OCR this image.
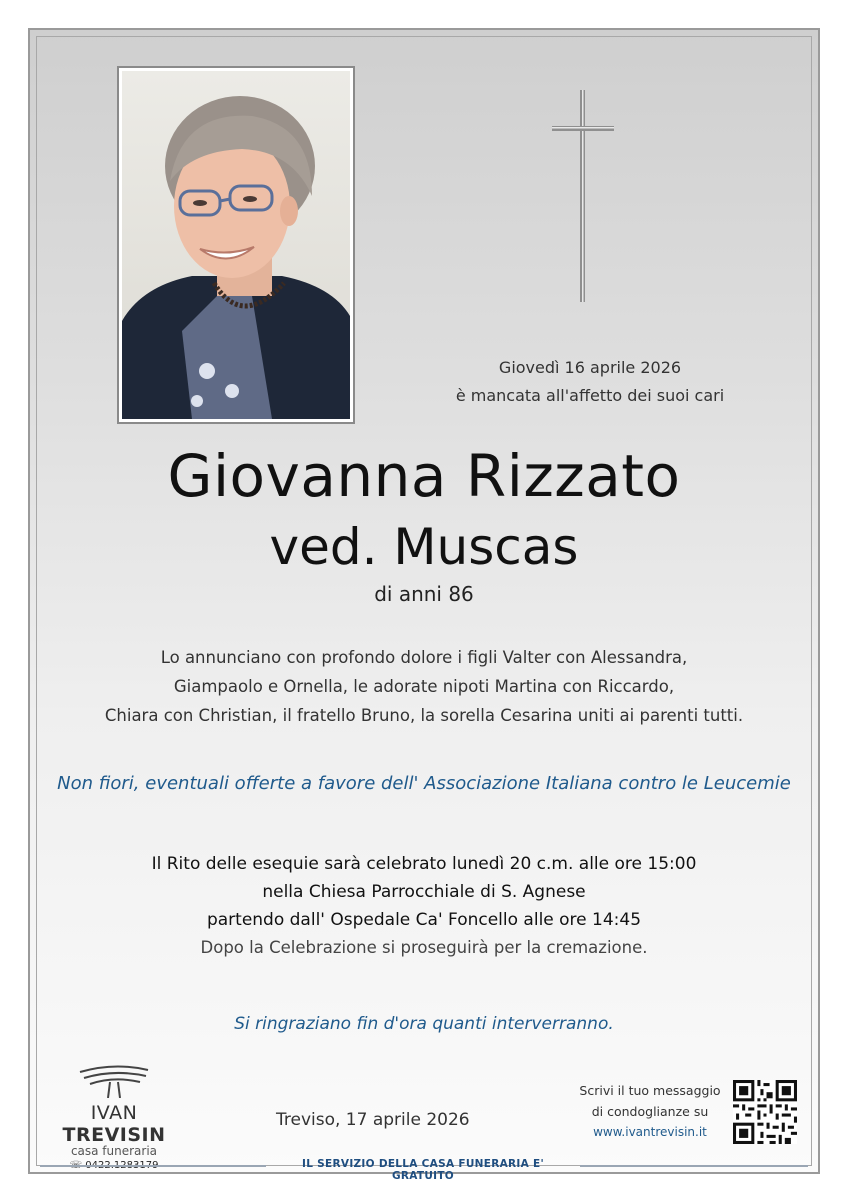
Giovedì 16 aprile 2026
è mancata all'affetto dei suoi cari
Giovanna Rizzato
ved. Muscas
di anni 86
Lo annunciano con profondo dolore i figli Valter con Alessandra,
Giampaolo e Ornella, le adorate nipoti Martina con Riccardo,
Chiara con Christian, il fratello Bruno, la sorella Cesarina uniti ai parenti tutti.
Non fiori, eventuali offerte a favore dell' Associazione Italiana contro le Leucemie
Il Rito delle esequie sarà celebrato lunedì 20 c.m. alle ore 15:00
nella Chiesa Parrocchiale di S. Agnese
partendo dall' Ospedale Ca' Foncello alle ore 14:45
Dopo la Celebrazione si proseguirà per la cremazione.
Si ringraziano fin d'ora quanti interverranno.
IVAN TREVISIN
casa funeraria
Treviso, 17 aprile 2026
Scrivi il tuo messaggio
di condoglianze su
www.ivantrevisin.it
IL SERVIZIO DELLA CASA FUNERARIA E' GRATUITO
